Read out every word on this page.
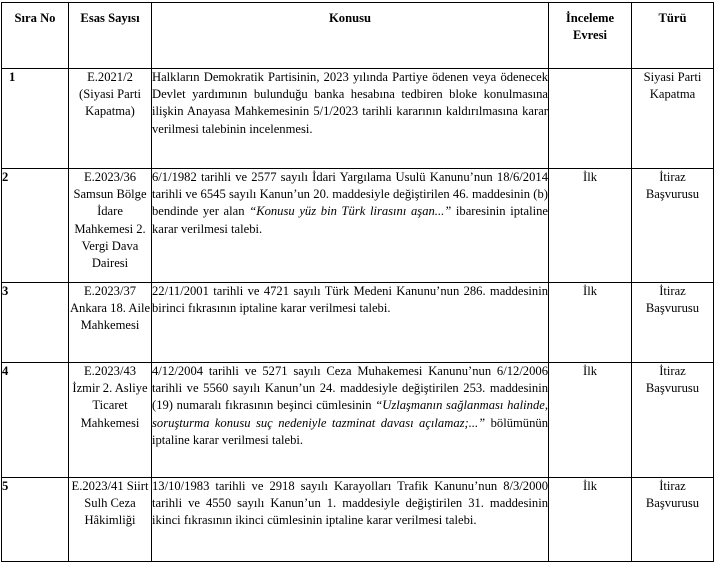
Sıra No	Esas Sayısı	Konusu	İnceleme Evresi	Türü
1	E.2021/2 (Siyasi Parti Kapatma)	Halkların Demokratik Partisinin, 2023 yılında Partiye ödenen veya ödenecek Devlet yardımının bulunduğu banka hesabına tedbiren bloke konulmasına ilişkin Anayasa Mahkemesinin 5/1/2023 tarihli kararının kaldırılmasına karar verilmesi talebinin incelenmesi.		Siyasi Parti Kapatma
2	E.2023/36 Samsun Bölge İdare Mahkemesi 2. Vergi Dava Dairesi	6/1/1982 tarihli ve 2577 sayılı İdari Yargılama Usulü Kanunu’nun 18/6/2014 tarihli ve 6545 sayılı Kanun’un 20. maddesiyle değiştirilen 46. maddesinin (b) bendinde yer alan “Konusu yüz bin Türk lirasını aşan...” ibaresinin iptaline karar verilmesi talebi.	İlk	İtiraz Başvurusu
3	E.2023/37 Ankara 18. Aile Mahkemesi	22/11/2001 tarihli ve 4721 sayılı Türk Medeni Kanunu’nun 286. maddesinin birinci fıkrasının iptaline karar verilmesi talebi.	İlk	İtiraz Başvurusu
4	E.2023/43 İzmir 2. Asliye Ticaret Mahkemesi	4/12/2004 tarihli ve 5271 sayılı Ceza Muhakemesi Kanunu’nun 6/12/2006 tarihli ve 5560 sayılı Kanun’un 24. maddesiyle değiştirilen 253. maddesinin (19) numaralı fıkrasının beşinci cümlesinin “Uzlaşmanın sağlanması halinde, soruşturma konusu suç nedeniyle tazminat davası açılamaz;...” bölümünün iptaline karar verilmesi talebi.	İlk	İtiraz Başvurusu
5	E.2023/41 Siirt Sulh Ceza Hâkimliği	13/10/1983 tarihli ve 2918 sayılı Karayolları Trafik Kanunu’nun 8/3/2000 tarihli ve 4550 sayılı Kanun’un 1. maddesiyle değiştirilen 31. maddesinin ikinci fıkrasının ikinci cümlesinin iptaline karar verilmesi talebi.	İlk	İtiraz Başvurusu
